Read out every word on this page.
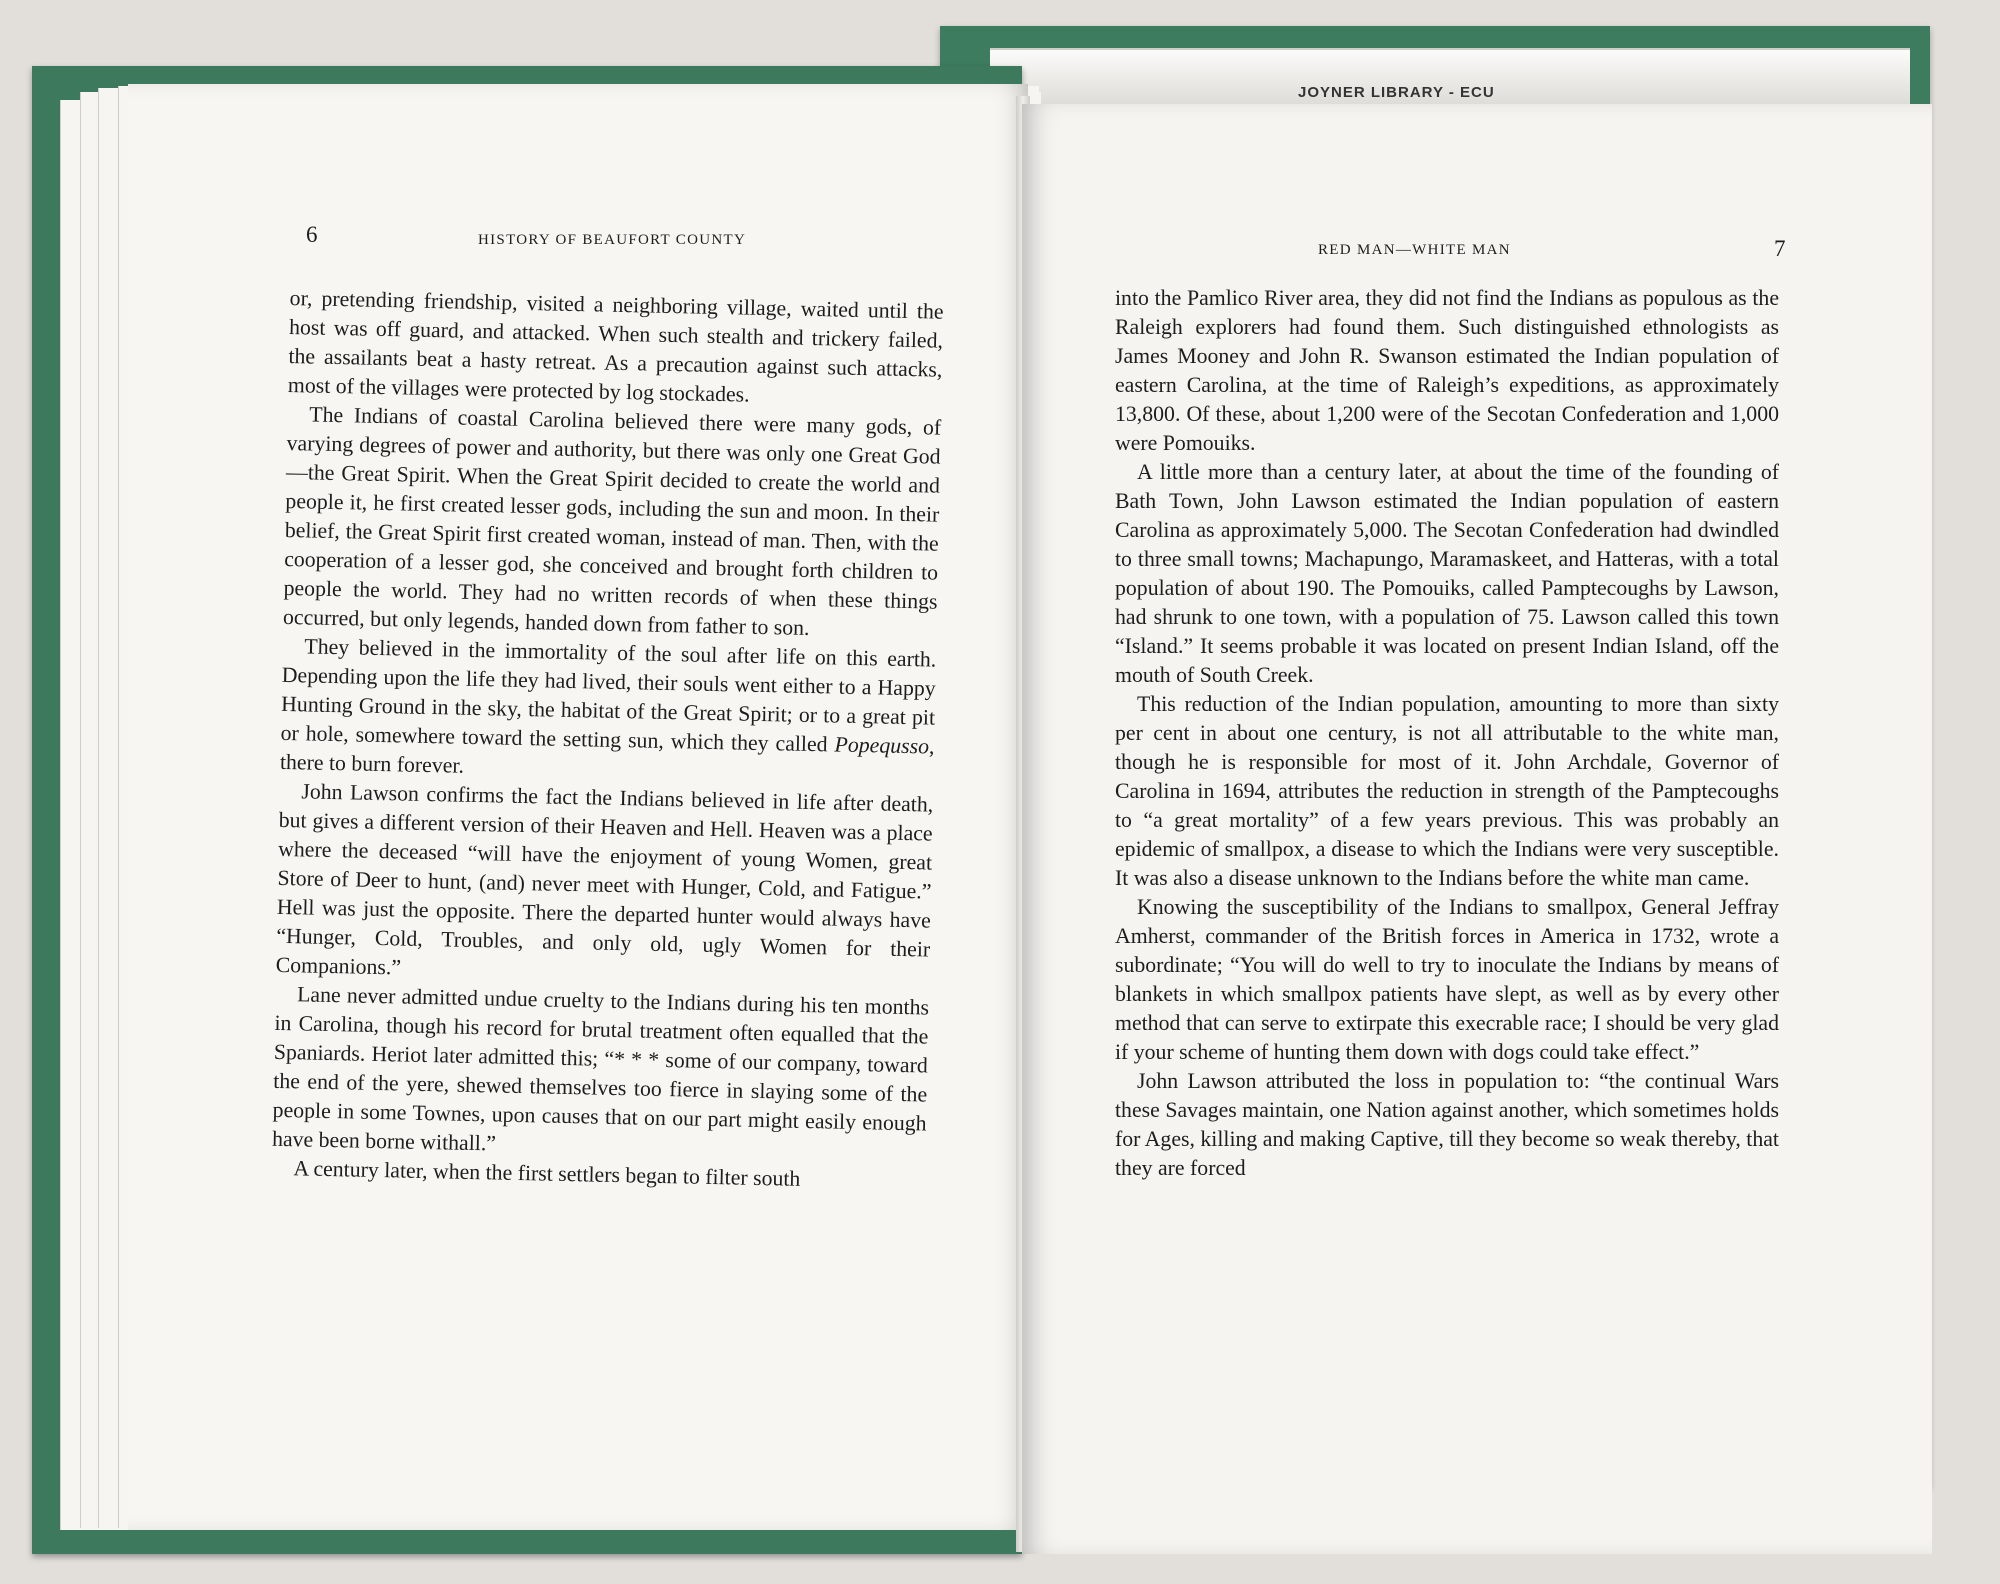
JOYNER LIBRARY - ECU
6	HISTORY OF BEAUFORT COUNTY

or, pretending friendship, visited a neighboring village, waited until the host was off guard, and attacked. When such stealth and trickery failed, the assailants beat a hasty retreat. As a precaution against such attacks, most of the villages were protected by log stockades.

The Indians of coastal Carolina believed there were many gods, of varying degrees of power and authority, but there was only one Great God—the Great Spirit. When the Great Spirit decided to create the world and people it, he first created lesser gods, including the sun and moon. In their belief, the Great Spirit first created woman, instead of man. Then, with the cooperation of a lesser god, she conceived and brought forth children to people the world. They had no written records of when these things occurred, but only legends, handed down from father to son.

They believed in the immortality of the soul after life on this earth. Depending upon the life they had lived, their souls went either to a Happy Hunting Ground in the sky, the habitat of the Great Spirit; or to a great pit or hole, somewhere toward the setting sun, which they called Popequsso, there to burn forever.

John Lawson confirms the fact the Indians believed in life after death, but gives a different version of their Heaven and Hell. Heaven was a place where the deceased “will have the enjoyment of young Women, great Store of Deer to hunt, (and) never meet with Hunger, Cold, and Fatigue.” Hell was just the opposite. There the departed hunter would always have “Hunger, Cold, Troubles, and only old, ugly Women for their Companions.”

Lane never admitted undue cruelty to the Indians during his ten months in Carolina, though his record for brutal treatment often equalled that the Spaniards. Heriot later admitted this; “* * * some of our company, toward the end of the yere, shewed themselves too fierce in slaying some of the people in some Townes, upon causes that on our part might easily enough have been borne withall.”

A century later, when the first settlers began to filter south

RED MAN—WHITE MAN	7

into the Pamlico River area, they did not find the Indians as populous as the Raleigh explorers had found them. Such distinguished ethnologists as James Mooney and John R. Swanson estimated the Indian population of eastern Carolina, at the time of Raleigh’s expeditions, as approximately 13,800. Of these, about 1,200 were of the Secotan Confederation and 1,000 were Pomouiks.

A little more than a century later, at about the time of the founding of Bath Town, John Lawson estimated the Indian population of eastern Carolina as approximately 5,000. The Secotan Confederation had dwindled to three small towns; Machapungo, Maramaskeet, and Hatteras, with a total population of about 190. The Pomouiks, called Pamptecoughs by Lawson, had shrunk to one town, with a population of 75. Lawson called this town “Island.” It seems probable it was located on present Indian Island, off the mouth of South Creek.

This reduction of the Indian population, amounting to more than sixty per cent in about one century, is not all attributable to the white man, though he is responsible for most of it. John Archdale, Governor of Carolina in 1694, attributes the reduction in strength of the Pamptecoughs to “a great mortality” of a few years previous. This was probably an epidemic of smallpox, a disease to which the Indians were very susceptible. It was also a disease unknown to the Indians before the white man came.

Knowing the susceptibility of the Indians to smallpox, General Jeffray Amherst, commander of the British forces in America in 1732, wrote a subordinate; “You will do well to try to inoculate the Indians by means of blankets in which smallpox patients have slept, as well as by every other method that can serve to extirpate this execrable race; I should be very glad if your scheme of hunting them down with dogs could take effect.”

John Lawson attributed the loss in population to: “the continual Wars these Savages maintain, one Nation against another, which sometimes holds for Ages, killing and making Captive, till they become so weak thereby, that they are forced
